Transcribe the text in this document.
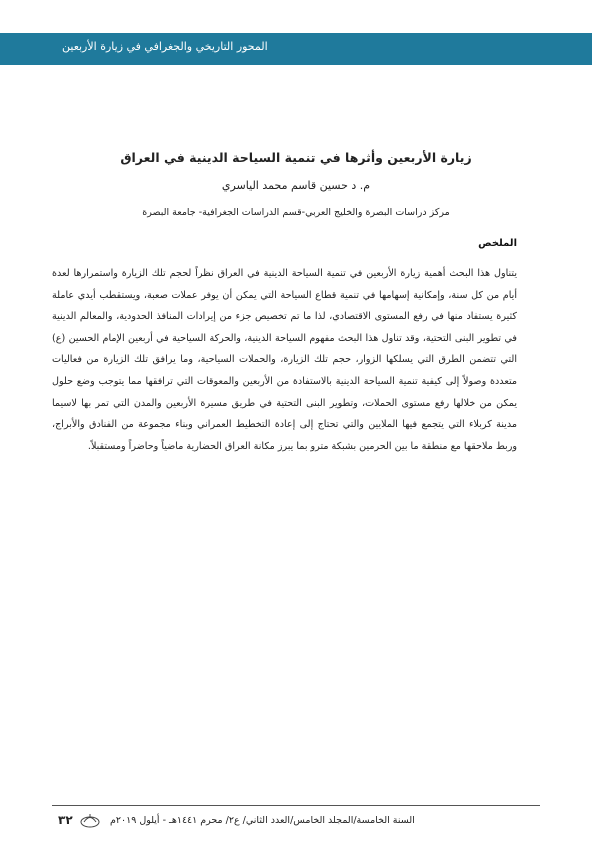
المحور التاريخي والجغرافي في زيارة الأربعين
زيارة الأربعين وأثرها في تنمية السياحة الدينية في العراق
م. د حسين قاسم محمد الياسري
مركز دراسات البصرة والخليج العربي-قسم الدراسات الجغرافية- جامعة البصرة
الملخص
يتناول هذا البحث أهمية زيارة الأربعين في تنمية السياحة الدينية في العراق نظراً لحجم تلك الزيارة واستمرارها لعدة أيام من كل سنة، وإمكانية إسهامها في تنمية قطاع السياحة التي يمكن أن يوفر عملات صعبة، ويستقطب أيدي عاملة كثيرة يستفاد منها في رفع المستوى الاقتصادي، لذا ما تم تخصيص جزء من إيرادات المنافذ الحدودية، والمعالم الدينية في تطوير البنى التحتية، وقد تناول هذا البحث مفهوم السياحة الدينية، والحركة السياحية في أربعين الإمام الحسين (ع) التي تتضمن الطرق التي يسلكها الزوار، حجم تلك الزيارة، والحملات السياحية، وما يرافق تلك الزيارة من فعاليات متعددة وصولاً إلى كيفية تنمية السياحة الدينية بالاستفادة من الأربعين والمعوقات التي ترافقها مما يتوجب وضع حلول يمكن من خلالها رفع مستوى الحملات، وتطوير البنى التحتية في طريق مسيرة الأربعين والمدن التي تمر بها لاسيما مدينة كربلاء التي يتجمع فيها الملايين والتي تحتاج إلى إعادة التخطيط العمراني وبناء مجموعة من الفنادق والأبراج، وربط ملاحقها مع منطقة ما بين الحرمين بشبكة مترو بما يبرز مكانة العراق الحضارية ماضياً وحاضراً ومستقبلاً.
٣٢	السنة الخامسة/المجلد الخامس/العدد الثاني/ ع٢/ محرم ١٤٤١هـ - أيلول ٢٠١٩م
